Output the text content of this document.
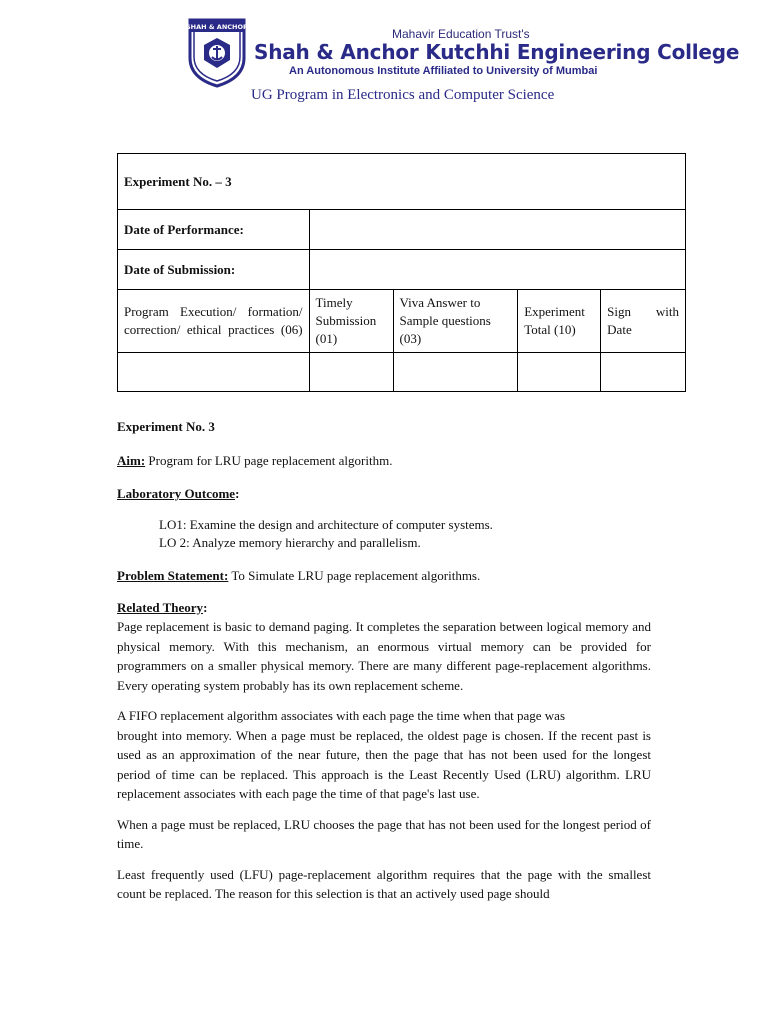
SHAH & ANCHOR	Mahavir Education Trust's
Shah & Anchor Kutchhi Engineering College
An Autonomous Institute Affiliated to University of Mumbai
UG Program in Electronics and Computer Science
Experiment No. – 3				
Date of Performance:				
Date of Submission:				
Program Execution/ formation/ correction/ ethical practices (06)	Timely Submission (01)	Viva Answer to Sample questions (03)	Experiment Total (10)	Sign with Date

Experiment No. 3

Aim: Program for LRU page replacement algorithm.

Laboratory Outcome:

LO1: Examine the design and architecture of computer systems.

LO 2: Analyze memory hierarchy and parallelism.

Problem Statement: To Simulate LRU page replacement algorithms.

Related Theory:

Page replacement is basic to demand paging. It completes the separation between logical memory and physical memory. With this mechanism, an enormous virtual memory can be provided for programmers on a smaller physical memory. There are many different page-replacement algorithms. Every operating system probably has its own replacement scheme.

A FIFO replacement algorithm associates with each page the time when that page was

brought into memory. When a page must be replaced, the oldest page is chosen. If the recent past is used as an approximation of the near future, then the page that has not been used for the longest period of time can be replaced. This approach is the Least Recently Used (LRU) algorithm. LRU replacement associates with each page the time of that page's last use.

When a page must be replaced, LRU chooses the page that has not been used for the longest period of time.

Least frequently used (LFU) page-replacement algorithm requires that the page with the smallest count be replaced. The reason for this selection is that an actively used page should
